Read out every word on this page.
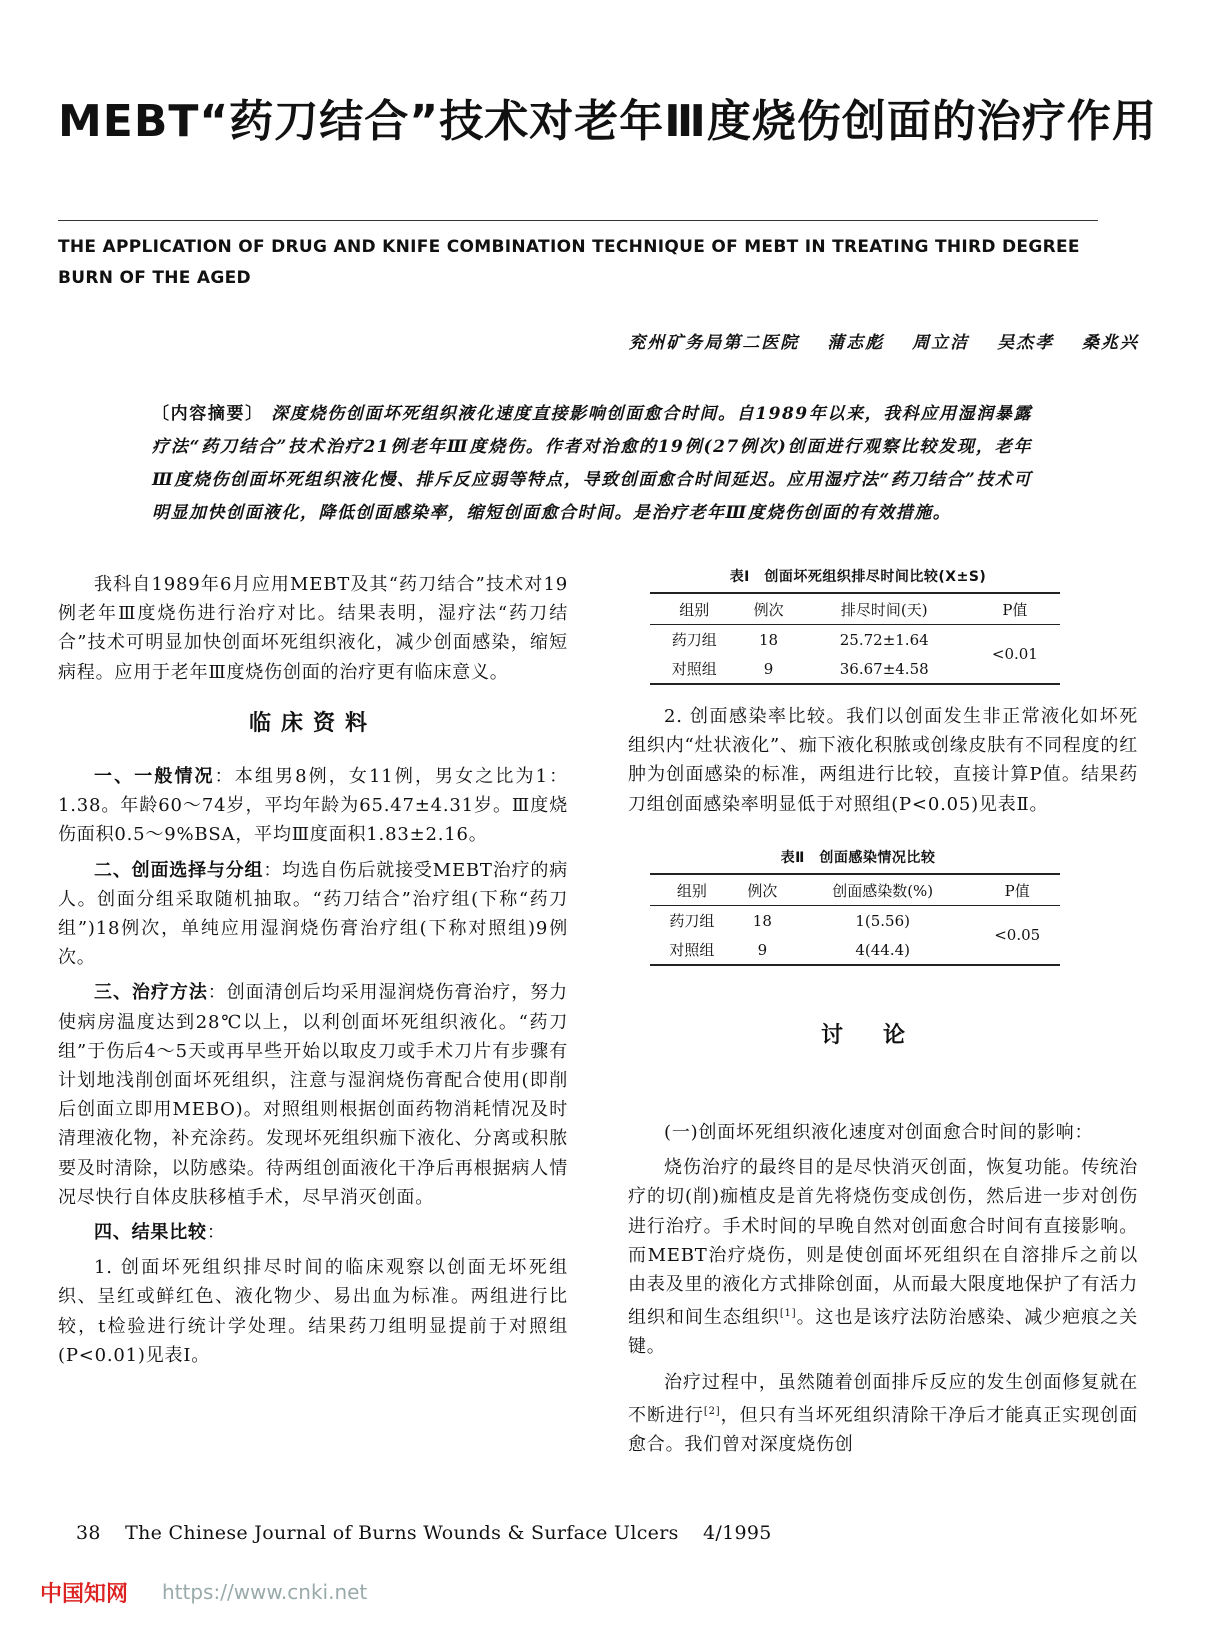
MEBT“药刀结合”技术对老年Ⅲ度烧伤创面的治疗作用
THE APPLICATION OF DRUG AND KNIFE COMBINATION TECHNIQUE OF MEBT IN TREATING THIRD DEGREE BURN OF THE AGED
兖州矿务局第二医院 蒲志彪 周立洁 吴杰孝 桑兆兴
〔内容摘要〕 深度烧伤创面坏死组织液化速度直接影响创面愈合时间。自1989年以来，我科应用湿润暴露疗法“药刀结合”技术治疗21例老年Ⅲ度烧伤。作者对治愈的19例(27例次)创面进行观察比较发现，老年Ⅲ度烧伤创面坏死组织液化慢、排斥反应弱等特点，导致创面愈合时间延迟。应用湿疗法“药刀结合”技术可明显加快创面液化，降低创面感染率，缩短创面愈合时间。是治疗老年Ⅲ度烧伤创面的有效措施。

我科自1989年6月应用MEBT及其“药刀结合”技术对19例老年Ⅲ度烧伤进行治疗对比。结果表明，湿疗法“药刀结合”技术可明显加快创面坏死组织液化，减少创面感染，缩短病程。应用于老年Ⅲ度烧伤创面的治疗更有临床意义。

临床资料

一、一般情况：本组男8例，女11例，男女之比为1：1.38。年龄60～74岁，平均年龄为65.47±4.31岁。Ⅲ度烧伤面积0.5～9%BSA，平均Ⅲ度面积1.83±2.16。

二、创面选择与分组：均选自伤后就接受MEBT治疗的病人。创面分组采取随机抽取。“药刀结合”治疗组(下称“药刀组”)18例次，单纯应用湿润烧伤膏治疗组(下称对照组)9例次。

三、治疗方法：创面清创后均采用湿润烧伤膏治疗，努力使病房温度达到28℃以上，以利创面坏死组织液化。“药刀组”于伤后4～5天或再早些开始以取皮刀或手术刀片有步骤有计划地浅削创面坏死组织，注意与湿润烧伤膏配合使用(即削后创面立即用MEBO)。对照组则根据创面药物消耗情况及时清理液化物，补充涂药。发现坏死组织痂下液化、分离或积脓要及时清除，以防感染。待两组创面液化干净后再根据病人情况尽快行自体皮肤移植手术，尽早消灭创面。

四、结果比较：

1. 创面坏死组织排尽时间的临床观察以创面无坏死组织、呈红或鲜红色、液化物少、易出血为标准。两组进行比较，t检验进行统计学处理。结果药刀组明显提前于对照组(P<0.01)见表Ⅰ。

表Ⅰ　创面坏死组织排尽时间比较(X±S)
组别	例次	排尽时间(天)	P值
药刀组	18	25.72±1.64	<0.01
对照组	9	36.67±4.58	

2. 创面感染率比较。我们以创面发生非正常液化如坏死组织内“灶状液化”、痂下液化积脓或创缘皮肤有不同程度的红肿为创面感染的标准，两组进行比较，直接计算P值。结果药刀组创面感染率明显低于对照组(P<0.05)见表Ⅱ。

表Ⅱ　创面感染情况比较
组别	例次	创面感染数(%)	P值
药刀组	18	1(5.56)	<0.05
对照组	9	4(44.4)	
讨论

(一)创面坏死组织液化速度对创面愈合时间的影响：

烧伤治疗的最终目的是尽快消灭创面，恢复功能。传统治疗的切(削)痂植皮是首先将烧伤变成创伤，然后进一步对创伤进行治疗。手术时间的早晚自然对创面愈合时间有直接影响。而MEBT治疗烧伤，则是使创面坏死组织在自溶排斥之前以由表及里的液化方式排除创面，从而最大限度地保护了有活力组织和间生态组织[1]。这也是该疗法防治感染、减少疤痕之关键。

治疗过程中，虽然随着创面排斥反应的发生创面修复就在不断进行[2]，但只有当坏死组织清除干净后才能真正实现创面愈合。我们曾对深度烧伤创

38 The Chinese Journal of Burns Wounds & Surface Ulcers 4/1995
中国知网 https://www.cnki.net
